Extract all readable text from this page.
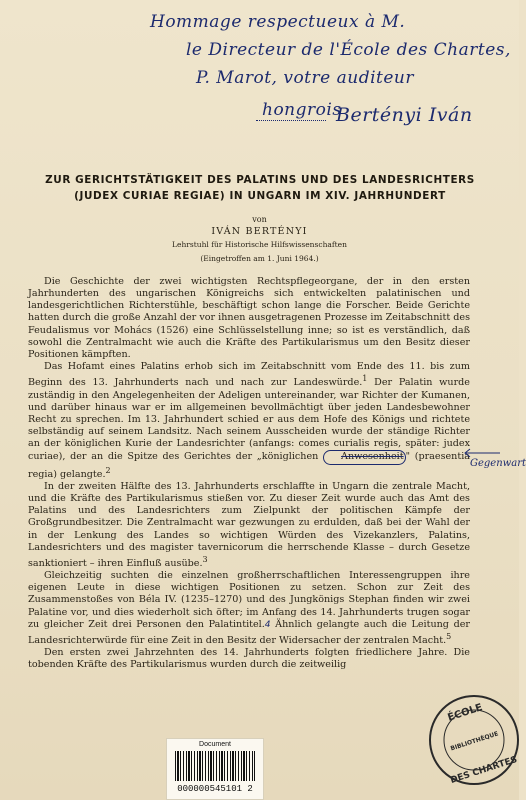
Hommage respectueux à M.
le Directeur de l'École des Chartes,
P. Marot, votre auditeur
hongrois
Bertényi Iván
ZUR GERICHTSTÄTIGKEIT DES PALATINS UND DES LANDESRICHTERS
(JUDEX CURIAE REGIAE) IN UNGARN IM XIV. JAHRHUNDERT
von
IVÁN BERTÉNYI
Lehrstuhl für Historische Hilfswissenschaften
(Eingetroffen am 1. Juni 1964.)

Die Geschichte der zwei wichtigsten Rechtspflegeorgane, der in den ersten Jahrhunderten des ungarischen Königreichs sich entwickelten palatinischen und landesgerichtlichen Richterstühle, beschäftigt schon lange die Forscher. Beide Gerichte hatten durch die große Anzahl der vor ihnen ausgetragenen Prozesse im Zeitabschnitt des Feudalismus vor Mohács (1526) eine Schlüsselstellung inne; so ist es verständlich, daß sowohl die Zentralmacht wie auch die Kräfte des Partikularismus um den Besitz dieser Positionen kämpften.

Das Hofamt eines Palatins erhob sich im Zeitabschnitt vom Ende des 11. bis zum Beginn des 13. Jahrhunderts nach und nach zur Landeswürde.$^1$ Der Palatin wurde zuständig in den Angelegenheiten der Adeligen untereinander, war Richter der Kumanen, und darüber hinaus war er im allgemeinen bevollmächtigt über jeden Landesbewohner Recht zu sprechen. Im 13. Jahrhundert schied er aus dem Hofe des Königs und richtete selbständig auf seinem Landsitz. Nach seinem Ausscheiden wurde der ständige Richter an der königlichen Kurie der Landesrichter (anfangs: comes curialis regis, später: judex curiae), der an die Spitze des Gerichtes der „königlichen Anwesenheit " (praesentia regia) gelangte.$^2$

In der zweiten Hälfte des 13. Jahrhunderts erschlaffte in Ungarn die zentrale Macht, und die Kräfte des Partikularismus stießen vor. Zu dieser Zeit wurde auch das Amt des Palatins und des Landesrichters zum Zielpunkt der politischen Kämpfe der Großgrundbesitzer. Die Zentralmacht war gezwungen zu erdulden, daß bei der Wahl der in der Lenkung des Landes so wichtigen Würden des Vizekanzlers, Palatins, Landesrichters und des magister tavernicorum die herrschende Klasse – durch Gesetze sanktioniert – ihren Einfluß ausübe.$^3$

Gleichzeitig suchten die einzelnen großherrschaftlichen Interessengruppen ihre eigenen Leute in diese wichtigen Positionen zu setzen. Schon zur Zeit des Zusammenstoßes von Béla IV. (1235–1270) und des Jungkönigs Stephan finden wir zwei Palatine vor, und dies wiederholt sich öfter; im Anfang des 14. Jahrhunderts trugen sogar zu gleicher Zeit drei Personen den Palatintitel.4 Ähnlich gelangte auch die Leitung der Landesrichterwürde für eine Zeit in den Besitz der Widersacher der zentralen Macht.$^5$

Den ersten zwei Jahrzehnten des 14. Jahrhunderts folgten friedlichere Jahre. Die tobenden Kräfte des Partikularismus wurden durch die zeitweilig

Gegenwart
Document
000000545101 2
ÉCOLE
BIBLIOTHÈQUE
DES CHARTES
